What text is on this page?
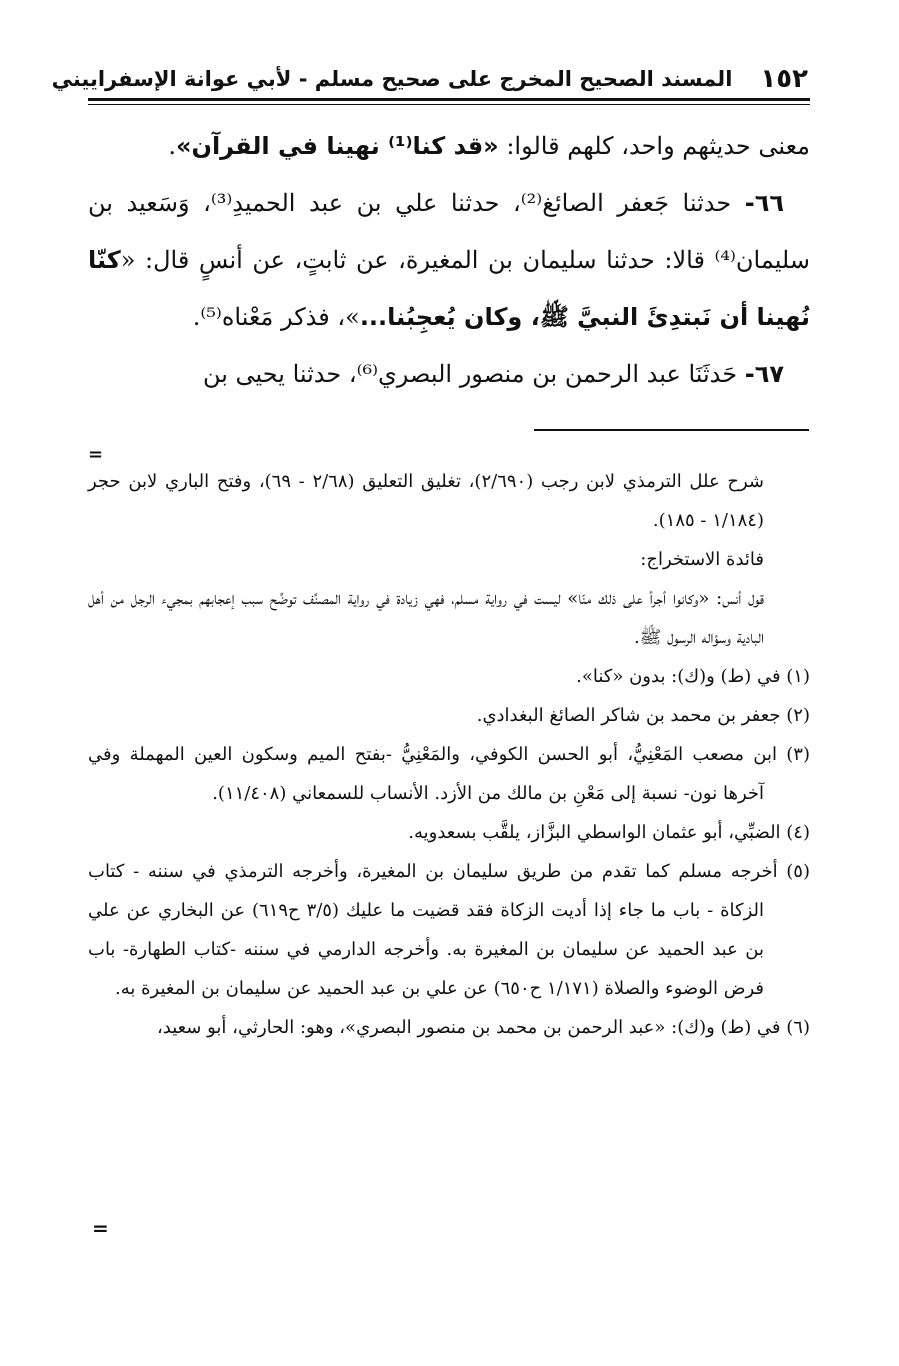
١٥٢
المسند الصحيح المخرج على صحيح مسلم - لأبي عوانة الإسفراييني

معنى حديثهم واحد، كلهم قالوا: «قد كنا⁽¹⁾ نهينا في القرآن».

٦٦- حدثنا جَعفر الصائغ⁽²⁾، حدثنا علي بن عبد الحميدِ⁽³⁾، وَسَعيد بن سليمان⁽⁴⁾ قالا: حدثنا سليمان بن المغيرة، عن ثابتٍ، عن أنسٍ قال: «كنّا نُهينا أن نَبتدِئَ النبيَّ ﷺ، وكان يُعجِبُنا...»، فذكر مَعْناه⁽⁵⁾.

٦٧- حَدثَنَا عبد الرحمن بن منصور البصري⁽⁶⁾، حدثنا يحيى بن

=

شرح علل الترمذي لابن رجب (٢/٦٩٠)، تغليق التعليق (٢/٦٨ - ٦٩)، وفتح الباري لابن حجر (١/١٨٤ - ١٨٥).

فائدة الاستخراج:

قول أنس: «وكانوا أجرأ على ذلك منّا» ليست في رواية مسلم، فهي زيادة في رواية المصنِّف توضِّح سبب إعجابهم بمجيء الرجل من أهل البادية وسؤاله الرسول ﷺ.

(١) في (ط) و(ك): بدون «كنا».

(٢) جعفر بن محمد بن شاكر الصائغ البغدادي.

(٣) ابن مصعب المَعْنِيُّ، أبو الحسن الكوفي، والمَعْنِيُّ -بفتح الميم وسكون العين المهملة وفي آخرها نون- نسبة إلى مَعْنِ بن مالك من الأزد. الأنساب للسمعاني (١١/٤٠٨).

(٤) الضبِّي، أبو عثمان الواسطي البزَّاز، يلقَّب بسعدويه.

(٥) أخرجه مسلم كما تقدم من طريق سليمان بن المغيرة، وأخرجه الترمذي في سننه - كتاب الزكاة - باب ما جاء إذا أديت الزكاة فقد قضيت ما عليك (٣/٥ ح٦١٩) عن البخاري عن علي بن عبد الحميد عن سليمان بن المغيرة به. وأخرجه الدارمي في سننه -كتاب الطهارة- باب فرض الوضوء والصلاة (١/١٧١ ح٦٥٠) عن علي بن عبد الحميد عن سليمان بن المغيرة به.

(٦) في (ط) و(ك): «عبد الرحمن بن محمد بن منصور البصري»، وهو: الحارثي، أبو سعيد،

=
